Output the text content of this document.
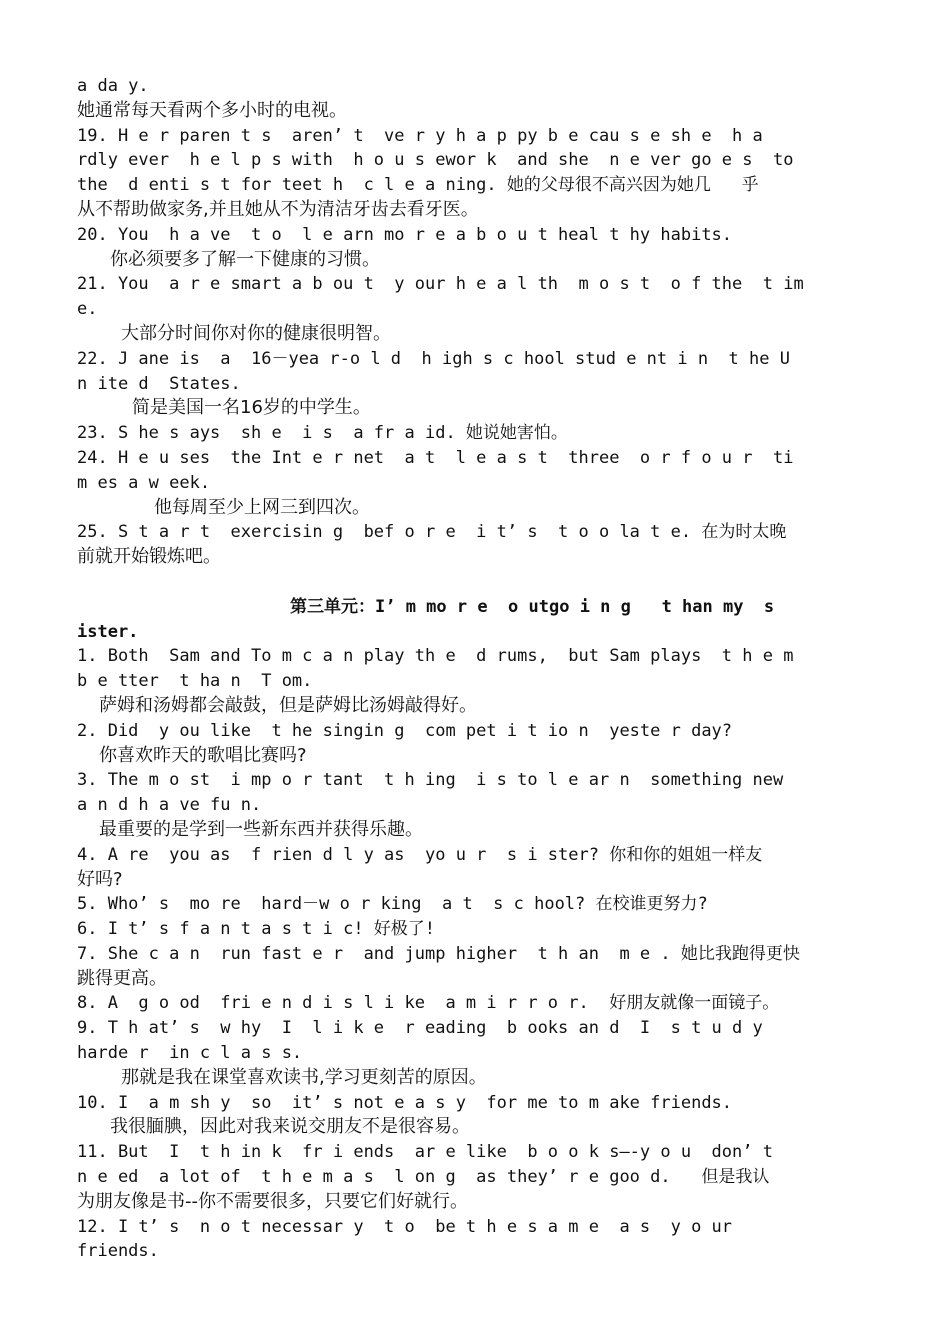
a da y.
她通常每天看两个多小时的电视。
19. H e r paren t s  aren’ t  ve r y h a p py b e cau s e sh e  h a
rdly ever  h e l p s with  h o u s ewor k  and she  n e ver go e s  to
the  d enti s t for teet h  c l e a ning. 她的父母很不高兴因为她几   乎
从不帮助做家务,并且她从不为清洁牙齿去看牙医。
20. You  h a ve  t o  l e arn mo r e a b o u t heal t hy habits.
你必须要多了解一下健康的习惯。
21. You  a r e smart a b ou t  y our h e a l th  m o s t  o f the  t im
e.
大部分时间你对你的健康很明智。
22. J ane is  a  16－yea r-o l d  h igh s c hool stud e nt i n  t he U
n ite d  States.
简是美国一名16岁的中学生。
23. S he s ays  sh e  i s  a fr a id. 她说她害怕。
24. H e u ses  the Int e r net  a t  l e a s t  three  o r f o u r  ti
m es a w eek.
他每周至少上网三到四次。
25. S t a r t  exercisin g  bef o r e  i t’ s  t o o la t e. 在为时太晚
前就开始锻炼吧。
第三单元：I’ m mo r e  o utgo i n g   t han my  s
ister.
1. Both  Sam and To m c a n play th e  d rums,  but Sam plays  t h e m
b e tter  t ha n  T om.
萨姆和汤姆都会敲鼓，但是萨姆比汤姆敲得好。
2. Did  y ou like  t he singin g  com pet i t io n  yeste r day?
你喜欢昨天的歌唱比赛吗?
3. The m o st  i mp o r tant  t h ing  i s to l e ar n  something new
a n d h a ve fu n.
最重要的是学到一些新东西并获得乐趣。
4. A re  you as  f rien d l y as  yo u r  s i ster? 你和你的姐姐一样友
好吗?
5. Who’ s  mo re  hard－w o r king  a t  s c hool? 在校谁更努力?
6. I t’ s f a n t a s t i c! 好极了!
7. She c a n  run fast e r  and jump higher  t h an  m e . 她比我跑得更快
跳得更高。
8. A  g o od  fri e n d i s l i ke  a m i r r o r.  好朋友就像一面镜子。
9. T h at’ s  w hy  I  l i k e  r eading  b ooks an d  I  s t u d y
harde r  in c l a s s.
那就是我在课堂喜欢读书,学习更刻苦的原因。
10. I  a m sh y  so  it’ s not e a s y  for me to m ake friends.
我很腼腆，因此对我来说交朋友不是很容易。
11. But  I  t h in k  fr i ends  ar e like  b o o k s—-y o u  don’ t
n e ed  a lot of  t h e m a s  l on g  as they’ r e goo d.   但是我认
为朋友像是书--你不需要很多，只要它们好就行。
12. I t’ s  n o t necessar y  t o  be t h e s a m e  a s  y o ur
friends.
